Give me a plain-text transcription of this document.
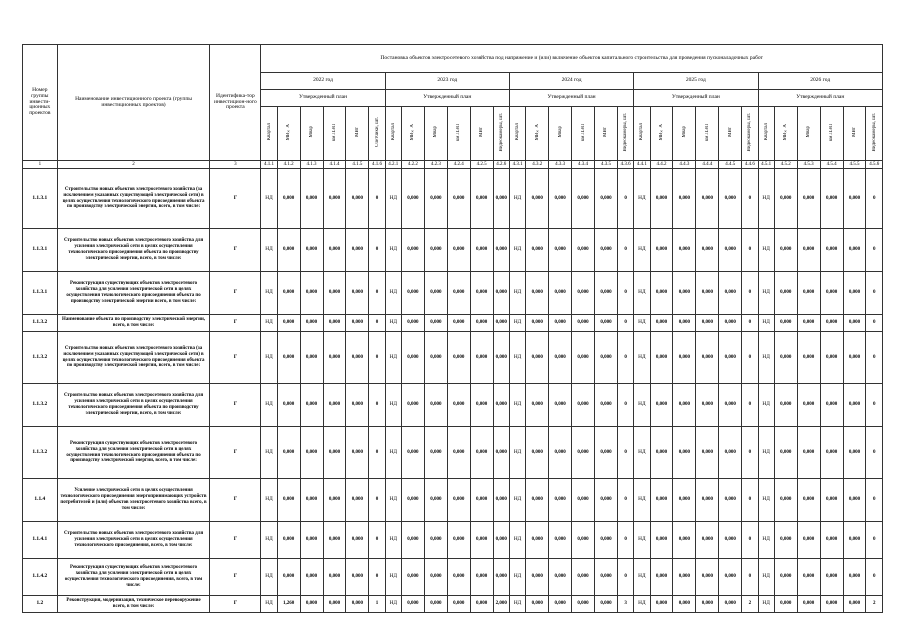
Номер группы инвести-ционных проектов	Наименование инвестиционного проекта (группы инвестиционных проектов)	Идентифика-тор инвестицион-ного проекта	Постановка объектов электросетевого хозяйства под напряжение и (или) включение объектов капитального строительства для проведения пусконаладочных работ																													
			2022 год						2023 год						2024 год						2025 год						2026 год					
			Утвержденный план						Утвержденный план						Утвержденный план						Утвержденный план						Утвержденный план					
			Квартал	МВ×А	Мвар	км ЛЭП	МВт	Счетчики, шт.	Квартал	МВ×А	Мвар	км ЛЭП	МВт	Видеокамеры, шт.	Квартал	МВ×А	Мвар	км ЛЭП	МВт	Видеокамеры, шт.	Квартал	МВ×А	Мвар	км ЛЭП	МВт	Видеокамеры, шт.	Квартал	МВ×А	Мвар	км ЛЭП	МВт	Видеокамеры, шт.
1	2	3	4.1.1	4.1.2	4.1.3	4.1.4	4.1.5	4.1.6	4.2.1	4.2.2	4.2.3	4.2.4	4.2.5	4.2.6	4.3.1	4.3.2	4.3.3	4.3.4	4.3.5	4.3.6	4.4.1	4.4.2	4.4.3	4.4.4	4.4.5	4.4.6	4.5.1	4.5.2	4.5.3	4.5.4	4.5.5	4.5.6
1.1.3.1	Строительство новых объектов электросетевого хозяйства (за исключением указанных существующей электрической сети) в целях осуществления технологического присоединения объекта по производству электрической энергии, всего, в том числе:	Г	НД	0,000	0,000	0,000	0,000	0	НД	0,000	0,000	0,000	0,000	0,000	НД	0,000	0,000	0,000	0,000	0	НД	0,000	0,000	0,000	0,000	0	НД	0,000	0,000	0,000	0,000	0
1.1.3.1	Строительство новых объектов электросетевого хозяйства для усиления электрической сети в целях осуществления технологического присоединения объекта по производству электрической энергии, всего, в том числе:	Г	НД	0,000	0,000	0,000	0,000	0	НД	0,000	0,000	0,000	0,000	0,000	НД	0,000	0,000	0,000	0,000	0	НД	0,000	0,000	0,000	0,000	0	НД	0,000	0,000	0,000	0,000	0
1.1.3.1	Реконструкция существующих объектов электросетевого хозяйства для усиления электрической сети в целях осуществления технологического присоединения объекта по производству электрической энергии всего, в том числе:	Г	НД	0,000	0,000	0,000	0,000	0	НД	0,000	0,000	0,000	0,000	0,000	НД	0,000	0,000	0,000	0,000	0	НД	0,000	0,000	0,000	0,000	0	НД	0,000	0,000	0,000	0,000	0
1.1.3.2	Наименование объекта по производству электрической энергии, всего, в том числе:	Г	НД	0,000	0,000	0,000	0,000	0	НД	0,000	0,000	0,000	0,000	0,000	НД	0,000	0,000	0,000	0,000	0	НД	0,000	0,000	0,000	0,000	0	НД	0,000	0,000	0,000	0,000	0
1.1.3.2	Строительство новых объектов электросетевого хозяйства (за исключением указанных существующей электрической сети) в целях осуществления технологического присоединения объекта по производству электрической энергии, всего, в том числе:	Г	НД	0,000	0,000	0,000	0,000	0	НД	0,000	0,000	0,000	0,000	0,000	НД	0,000	0,000	0,000	0,000	0	НД	0,000	0,000	0,000	0,000	0	НД	0,000	0,000	0,000	0,000	0
1.1.3.2	Строительство новых объектов электросетевого хозяйства для усиления электрической сети в целях осуществления технологического присоединения объекта по производству электрической энергии, всего, в том числе:	Г	НД	0,000	0,000	0,000	0,000	0	НД	0,000	0,000	0,000	0,000	0,000	НД	0,000	0,000	0,000	0,000	0	НД	0,000	0,000	0,000	0,000	0	НД	0,000	0,000	0,000	0,000	0
1.1.3.2	Реконструкция существующих объектов электросетевого хозяйства для усиления электрической сети в целях осуществления технологического присоединения объекта по производству электрической энергии, всего, в том числе:	Г	НД	0,000	0,000	0,000	0,000	0	НД	0,000	0,000	0,000	0,000	0,000	НД	0,000	0,000	0,000	0,000	0	НД	0,000	0,000	0,000	0,000	0	НД	0,000	0,000	0,000	0,000	0
1.1.4	Усиление электрической сети в целях осуществления технологического присоединения энергопринимающих устройств потребителей и (или) объектов электросетевого хозяйства всего, в том числе:	Г	НД	0,000	0,000	0,000	0,000	0	НД	0,000	0,000	0,000	0,000	0,000	НД	0,000	0,000	0,000	0,000	0	НД	0,000	0,000	0,000	0,000	0	НД	0,000	0,000	0,000	0,000	0
1.1.4.1	Строительство новых объектов электросетевого хозяйства для усиления электрической сети в целях осуществления технологического присоединения, всего, в том числе:	Г	НД	0,000	0,000	0,000	0,000	0	НД	0,000	0,000	0,000	0,000	0,000	НД	0,000	0,000	0,000	0,000	0	НД	0,000	0,000	0,000	0,000	0	НД	0,000	0,000	0,000	0,000	0
1.1.4.2	Реконструкция существующих объектов электросетевого хозяйства для усиления электрической сети в целях осуществления технологического присоединения, всего, в том числе:	Г	НД	0,000	0,000	0,000	0,000	0	НД	0,000	0,000	0,000	0,000	0,000	НД	0,000	0,000	0,000	0,000	0	НД	0,000	0,000	0,000	0,000	0	НД	0,000	0,000	0,000	0,000	0
1.2	Реконструкция, модернизация, техническое перевооружение всего, в том числе:	Г	НД	1,260	0,000	0,000	0,000	1	НД	0,000	0,000	0,000	0,000	2,000	НД	0,000	0,000	0,000	0,000	3	НД	0,000	0,000	0,000	0,000	2	НД	0,000	0,000	0,000	0,000	2
